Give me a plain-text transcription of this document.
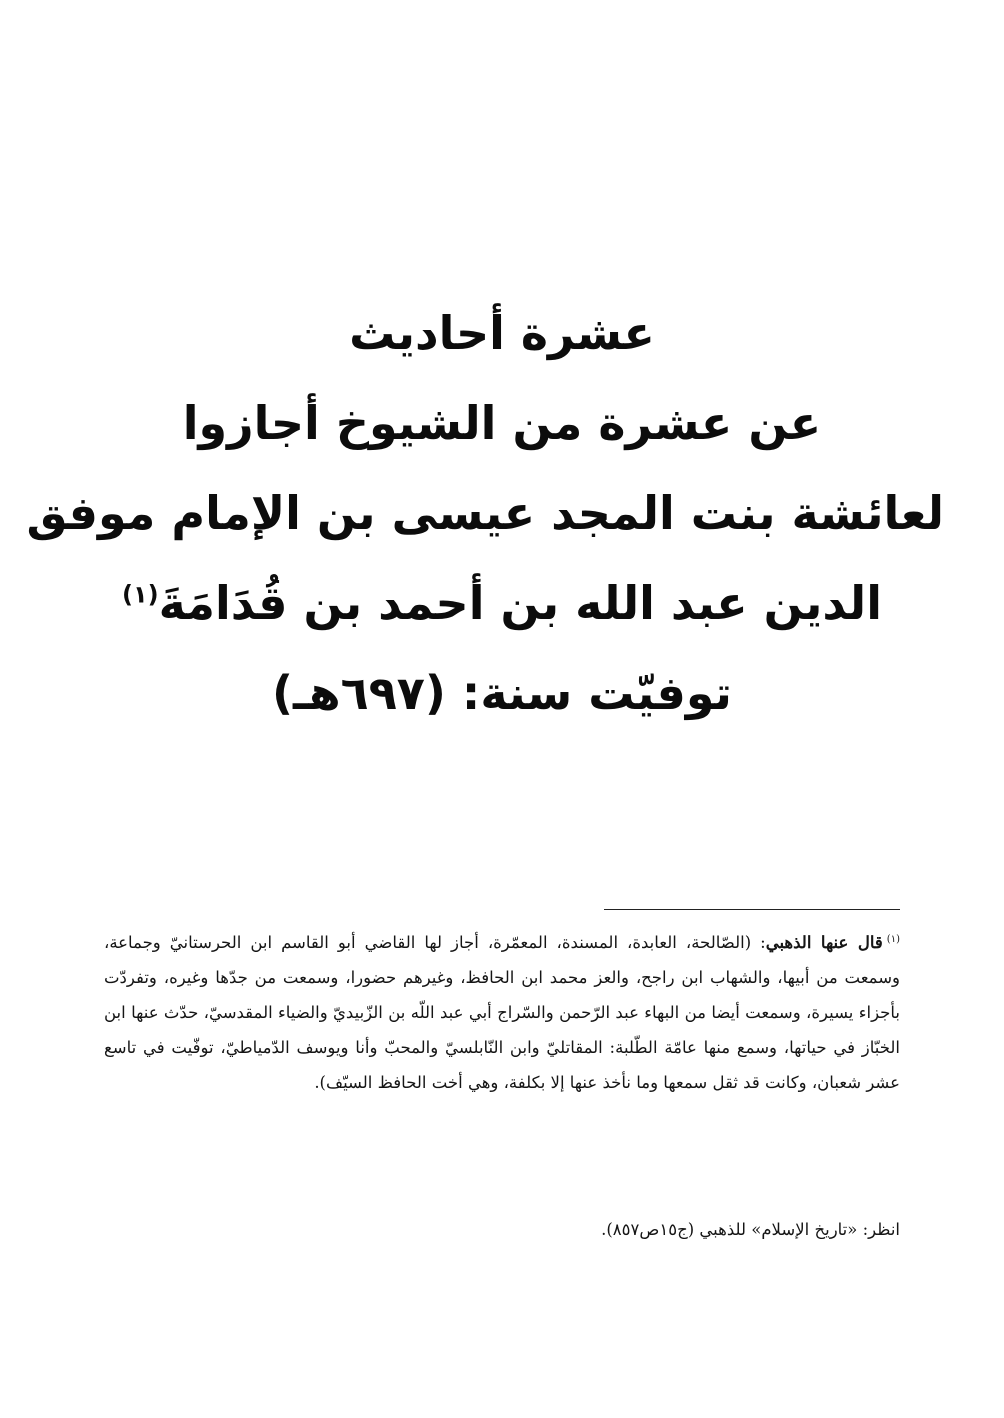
عشرة أحاديث
عن عشرة من الشيوخ أجازوا
لعائشة بنت المجد عيسى بن الإمام موفق
الدين عبد الله بن أحمد بن قُدَامَةَ$^{(١)}$
توفيّت سنة: (٦٩٧هـ)

$^{(١)}$قال عنها الذهبي: (الصّالحة، العابدة، المسندة، المعمّرة، أجاز لها القاضي أبو القاسم ابن الحرستانيّ وجماعة، وسمعت من أبيها، والشهاب ابن راجح، والعز محمد ابن الحافظ، وغيرهم حضورا، وسمعت من جدّها وغيره، وتفردّت بأجزاء يسيرة، وسمعت أيضا من البهاء عبد الرّحمن والسّراج أبي عبد اللّه بن الزّبيديّ والضياء المقدسيّ، حدّث عنها ابن الخبّاز في حياتها، وسمع منها عامّة الطّلبة: المقاتليّ وابن النّابلسيّ والمحبّ وأنا ويوسف الدّمياطيّ، توفّيت في تاسع عشر شعبان، وكانت قد ثقل سمعها وما نأخذ عنها إلا بكلفة، وهي أخت الحافظ السيّف).

انظر: «تاريخ الإسلام» للذهبي (ج١٥ص٨٥٧).
